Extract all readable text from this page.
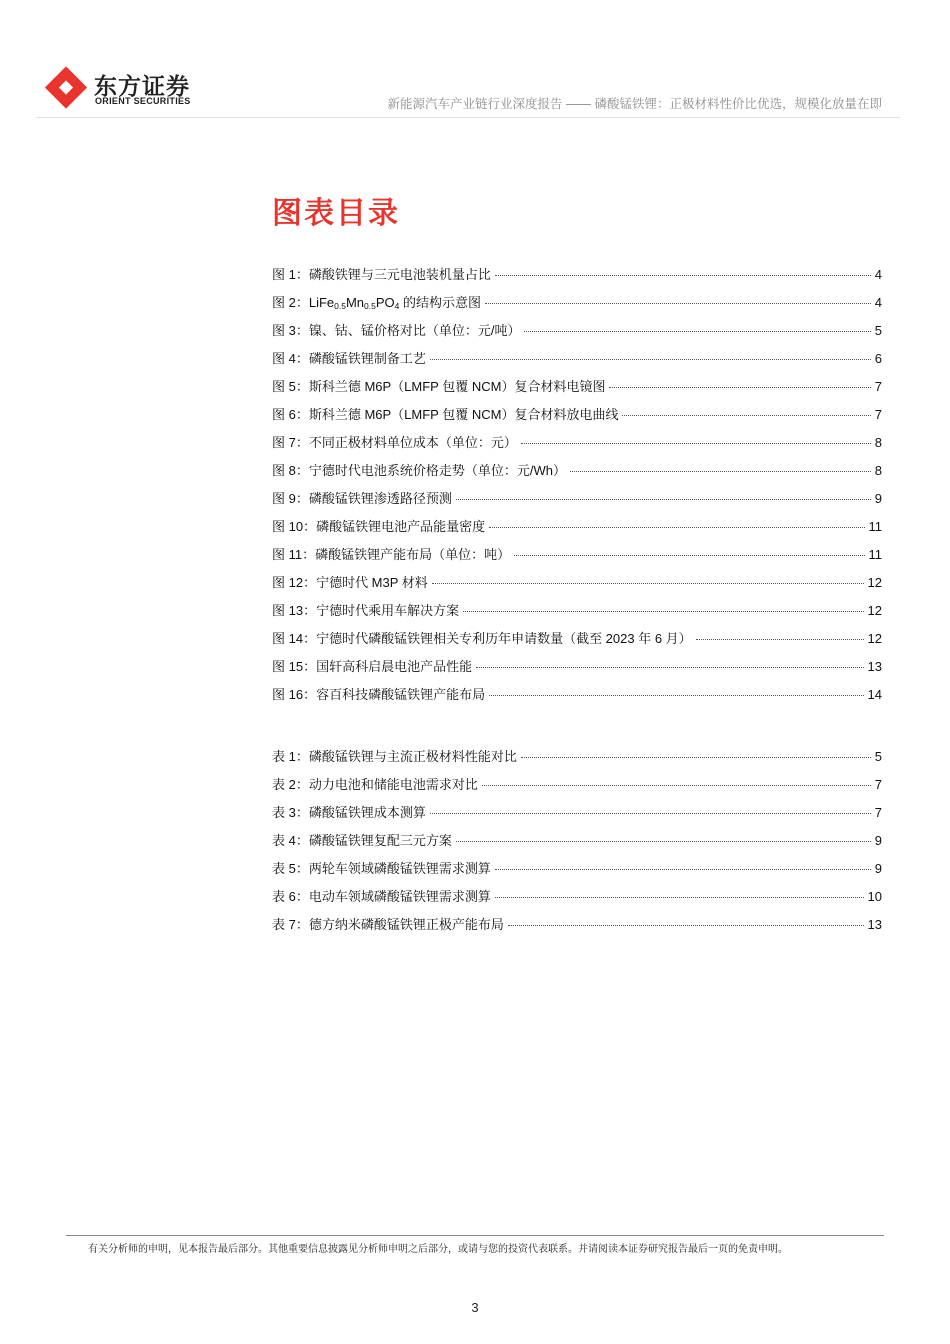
东方证券
ORIENT SECURITIES	新能源汽车产业链行业深度报告 —— 磷酸锰铁锂：正极材料性价比优选，规模化放量在即
图表目录
图 1：磷酸铁锂与三元电池装机量占比	4
图 2：$LiFe_{0.5}Mn_{0.5}PO_4$ 的结构示意图	4
图 3：镍、钴、锰价格对比（单位：元/吨）	5
图 4：磷酸锰铁锂制备工艺	6
图 5：斯科兰德 M6P（LMFP 包覆 NCM）复合材料电镜图	7
图 6：斯科兰德 M6P（LMFP 包覆 NCM）复合材料放电曲线	7
图 7：不同正极材料单位成本（单位：元）	8
图 8：宁德时代电池系统价格走势（单位：元/Wh）	8
图 9：磷酸锰铁锂渗透路径预测	9
图 10：磷酸锰铁锂电池产品能量密度	11
图 11：磷酸锰铁锂产能布局（单位：吨）	11
图 12：宁德时代 M3P 材料	12
图 13：宁德时代乘用车解决方案	12
图 14：宁德时代磷酸锰铁锂相关专利历年申请数量（截至 2023 年 6 月）	12
图 15：国轩高科启晨电池产品性能	13
图 16：容百科技磷酸锰铁锂产能布局	14
表 1：磷酸锰铁锂与主流正极材料性能对比	5
表 2：动力电池和储能电池需求对比	7
表 3：磷酸锰铁锂成本测算	7
表 4：磷酸锰铁锂复配三元方案	9
表 5：两轮车领域磷酸锰铁锂需求测算	9
表 6：电动车领域磷酸锰铁锂需求测算	10
表 7：德方纳米磷酸锰铁锂正极产能布局	13
有关分析师的申明，见本报告最后部分。其他重要信息披露见分析师申明之后部分，或请与您的投资代表联系。并请阅读本证券研究报告最后一页的免责申明。
3
